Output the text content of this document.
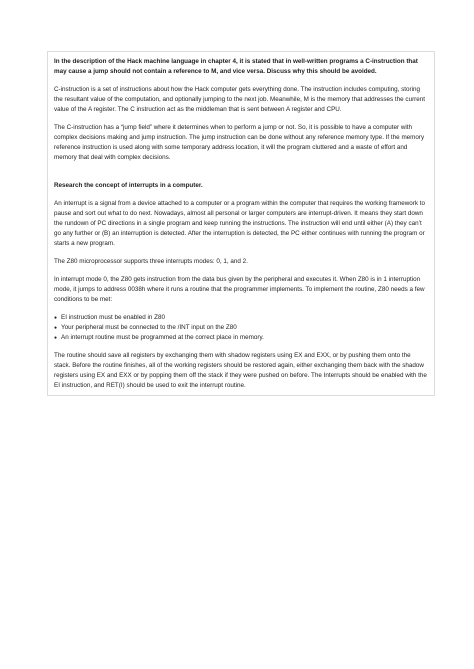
In the description of the Hack machine language in chapter 4, it is stated that in well-written programs a C-instruction that may cause a jump should not contain a reference to M, and vice versa. Discuss why this should be avoided.

C-instruction is a set of instructions about how the Hack computer gets everything done. The instruction includes computing, storing the resultant value of the computation, and optionally jumping to the next job. Meanwhile, M is the memory that addresses the current value of the A register. The C instruction act as the middleman that is sent between A register and CPU.

The C-instruction has a “jump field” where it determines when to perform a jump or not. So, it is possible to have a computer with complex decisions making and jump instruction. The jump instruction can be done without any reference memory type. If the memory reference instruction is used along with some temporary address location, it will the program cluttered and a waste of effort and memory that deal with complex decisions.

Research the concept of interrupts in a computer.

An interrupt is a signal from a device attached to a computer or a program within the computer that requires the working framework to pause and sort out what to do next. Nowadays, almost all personal or larger computers are interrupt-driven. It means they start down the rundown of PC directions in a single program and keep running the instructions. The instruction will end until either (A) they can’t go any further or (B) an interruption is detected. After the interruption is detected, the PC either continues with running the program or starts a new program.

The Z80 microprocessor supports three interrupts modes: 0, 1, and 2.

In interrupt mode 0, the Z80 gets instruction from the data bus given by the peripheral and executes it. When Z80 is in 1 interruption mode, it jumps to address 0038h where it runs a routine that the programmer implements. To implement the routine, Z80 needs a few conditions to be met:

● EI instruction must be enabled in Z80
● Your peripheral must be connected to the /INT input on the Z80
● An interrupt routine must be programmed at the correct place in memory.

The routine should save all registers by exchanging them with shadow registers using EX and EXX, or by pushing them onto the stack. Before the routine finishes, all of the working registers should be restored again, either exchanging them back with the shadow registers using EX and EXX or by popping them off the stack if they were pushed on before. The Interrupts should be enabled with the EI instruction, and RET(I) should be used to exit the interrupt routine.
